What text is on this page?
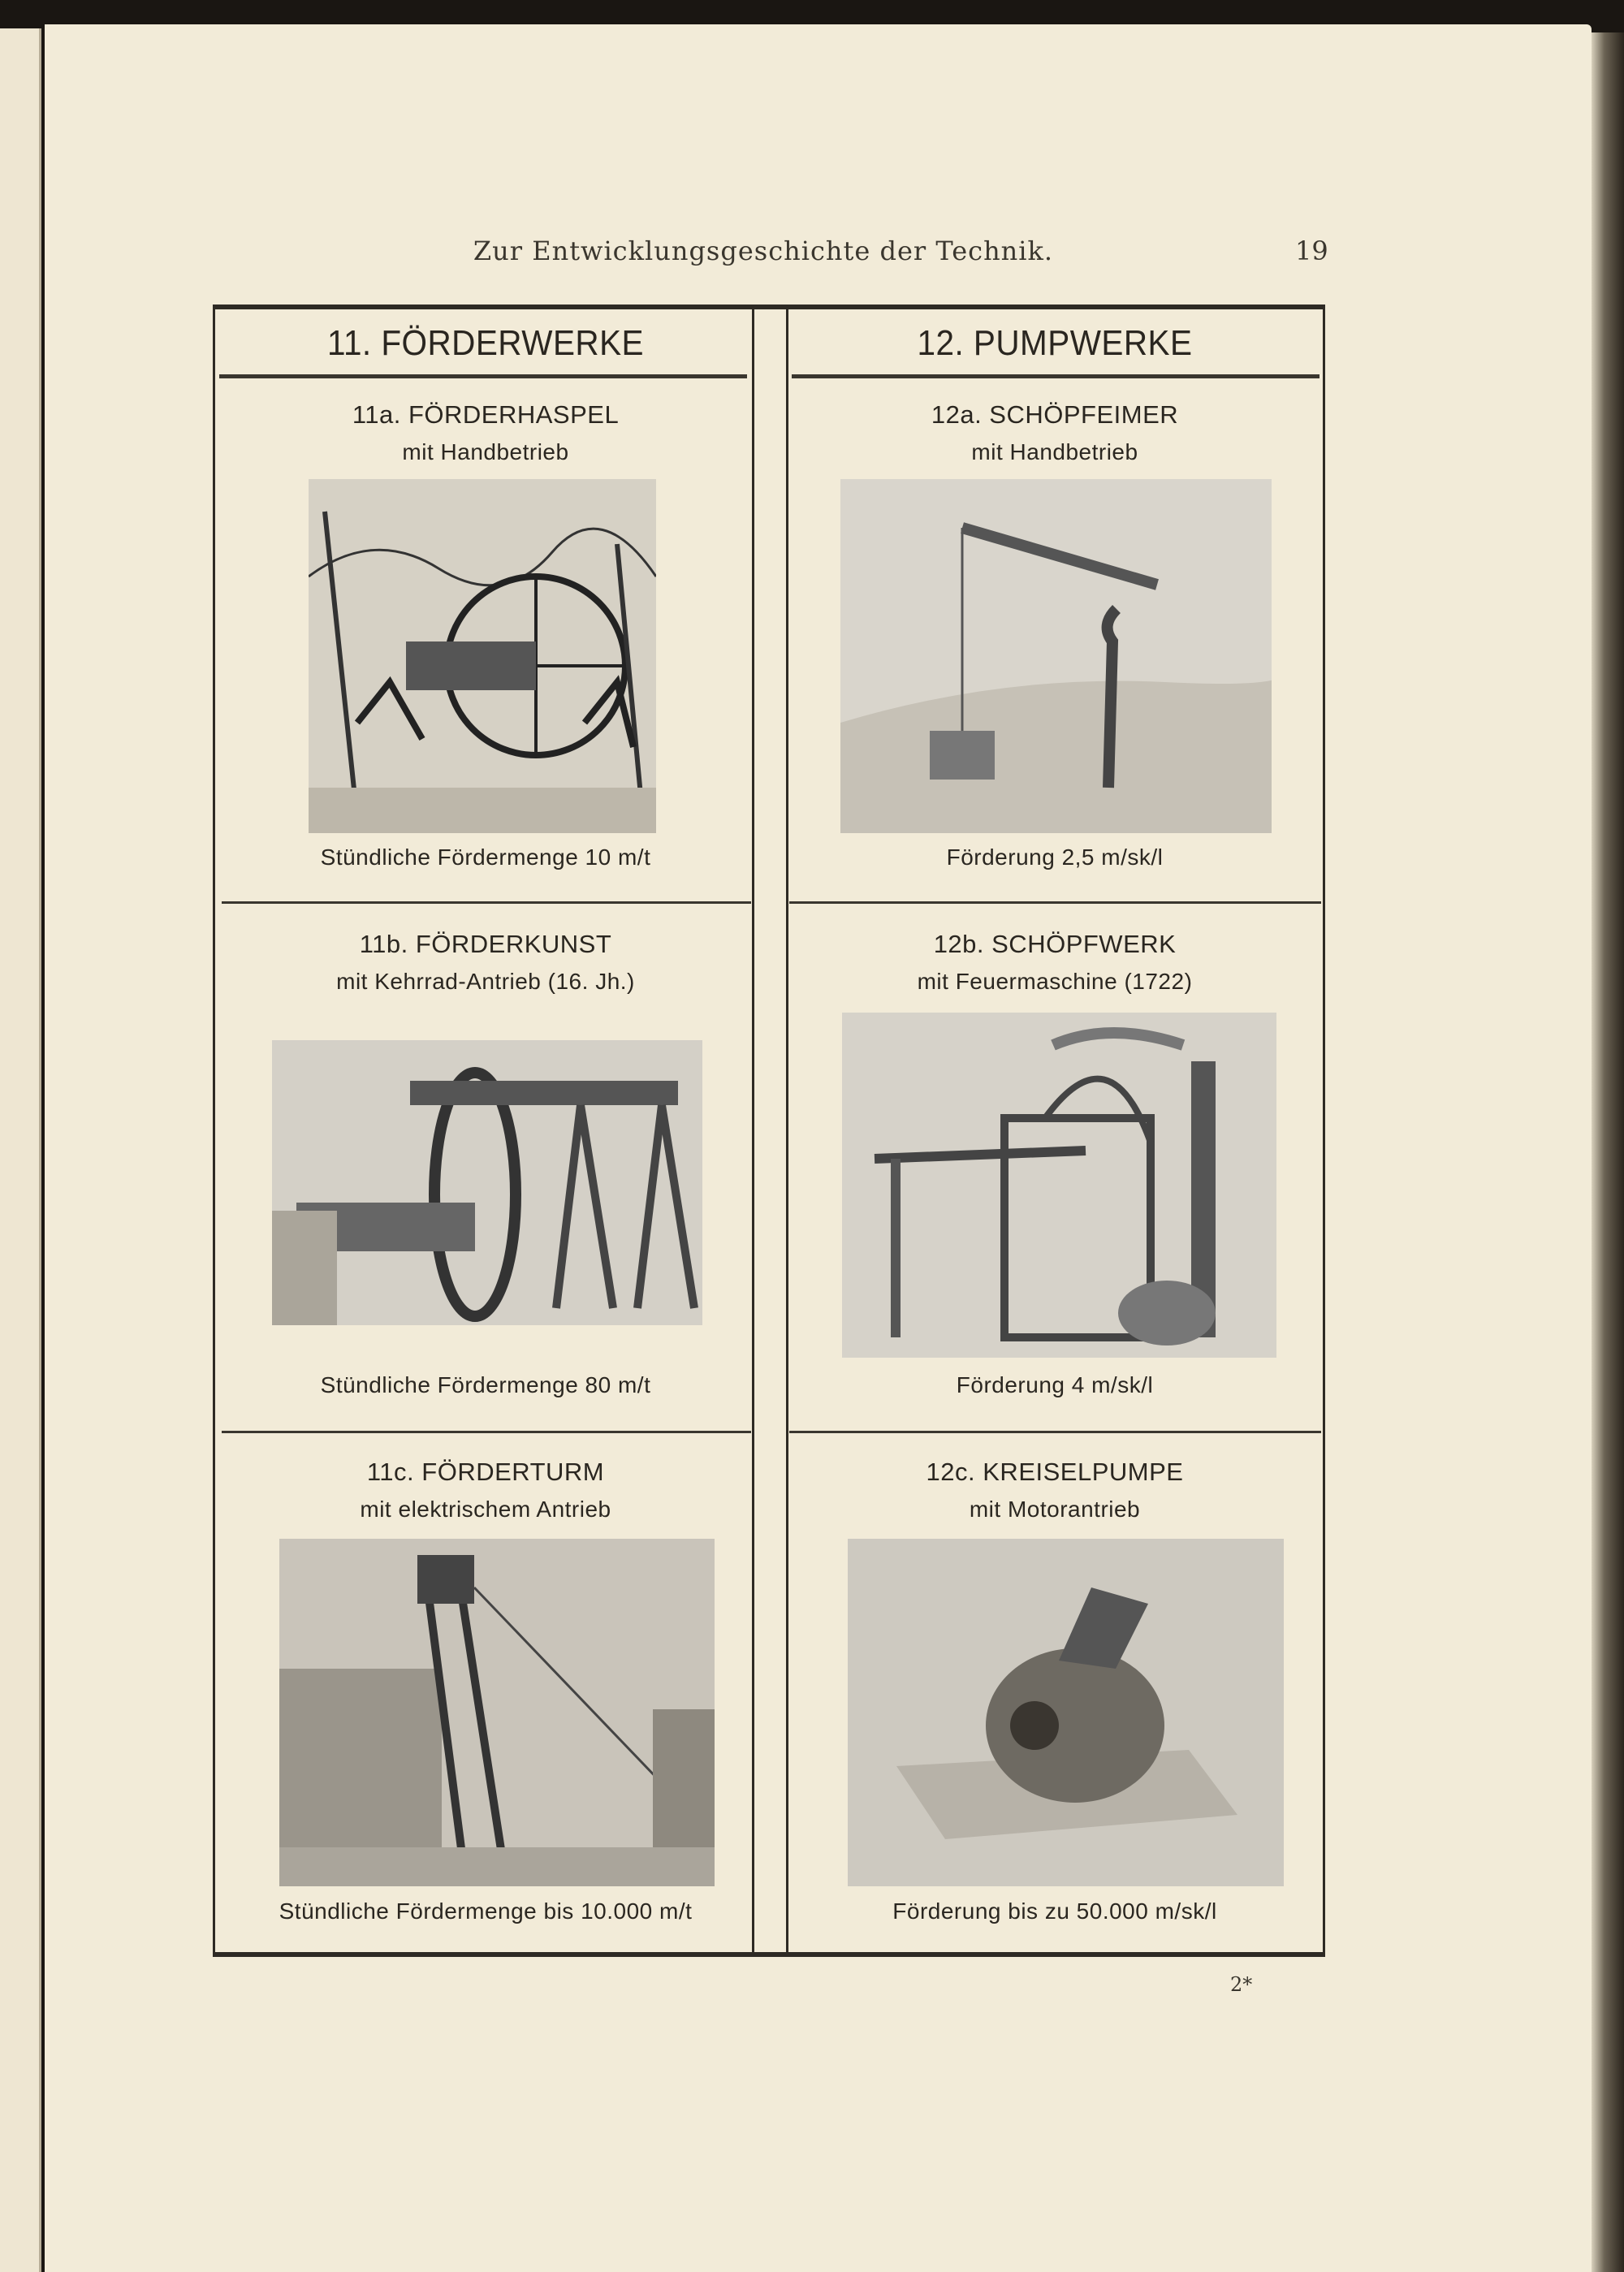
Zur Entwicklungsgeschichte der Technik.	19
11. FÖRDERWERKE	12. PUMPWERKE
11a. FÖRDERHASPEL
mit Handbetrieb
Stündliche Fördermenge 10 m/t
12a. SCHÖPFEIMER
mit Handbetrieb
Förderung 2,5 m/sk/l
11b. FÖRDERKUNST
mit Kehrrad-Antrieb (16. Jh.)
Stündliche Fördermenge 80 m/t
12b. SCHÖPFWERK
mit Feuermaschine (1722)
Förderung 4 m/sk/l
11c. FÖRDERTURM
mit elektrischem Antrieb
Stündliche Fördermenge bis 10.000 m/t
12c. KREISELPUMPE
mit Motorantrieb
Förderung bis zu 50.000 m/sk/l
2*
